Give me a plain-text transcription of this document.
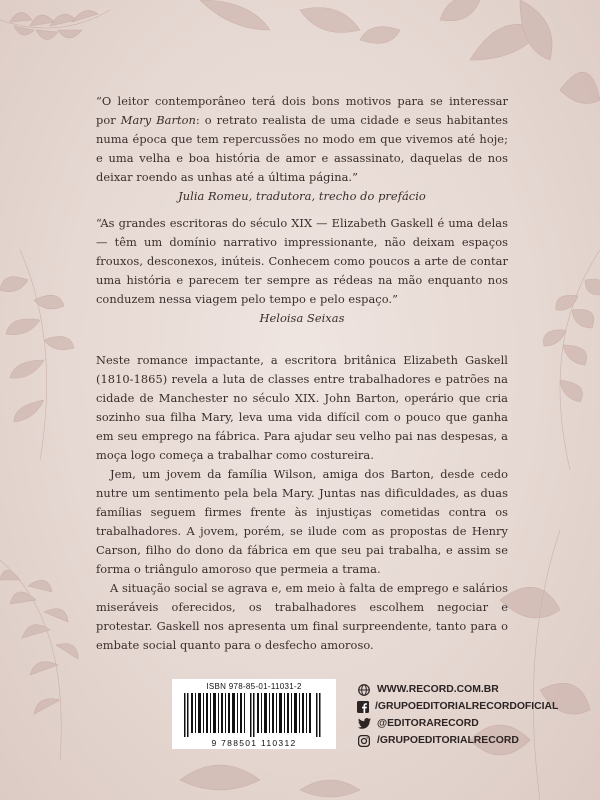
“O leitor contemporâneo terá dois bons motivos para se interessar por Mary Barton: o retrato realista de uma cidade e seus habitantes numa época que tem repercussões no modo em que vivemos até hoje; e uma velha e boa história de amor e assassinato, daquelas de nos deixar roendo as unhas até a última página.”
Julia Romeu, tradutora, trecho do prefácio
“As grandes escritoras do século XIX — Elizabeth Gaskell é uma delas — têm um domínio narrativo impressionante, não deixam espaços frouxos, desconexos, inúteis. Conhecem como poucos a arte de contar uma história e parecem ter sempre as rédeas na mão enquanto nos conduzem nessa viagem pelo tempo e pelo espaço.”
Heloisa Seixas

Neste romance impactante, a escritora britânica Elizabeth Gaskell (1810-1865) revela a luta de classes entre trabalhadores e patrões na cidade de Manchester no século XIX. John Barton, operário que cria sozinho sua filha Mary, leva uma vida difícil com o pouco que ganha em seu emprego na fábrica. Para ajudar seu velho pai nas despesas, a moça logo começa a trabalhar como costureira.

Jem, um jovem da família Wilson, amiga dos Barton, desde cedo nutre um sentimento pela bela Mary. Juntas nas dificuldades, as duas famílias seguem firmes frente às injustiças cometidas contra os trabalhadores. A jovem, porém, se ilude com as propostas de Henry Carson, filho do dono da fábrica em que seu pai trabalha, e assim se forma o triângulo amoroso que permeia a trama.

A situação social se agrava e, em meio à falta de emprego e salários miseráveis oferecidos, os trabalhadores escolhem negociar e protestar. Gaskell nos apresenta um final surpreendente, tanto para o embate social quanto para o desfecho amoroso.

ISBN 978-85-01-11031-2
9 788501 110312
WWW.RECORD.COM.BR
/GRUPOEDITORIALRECORDOFICIAL
@EDITORARECORD
/GRUPOEDITORIALRECORD
